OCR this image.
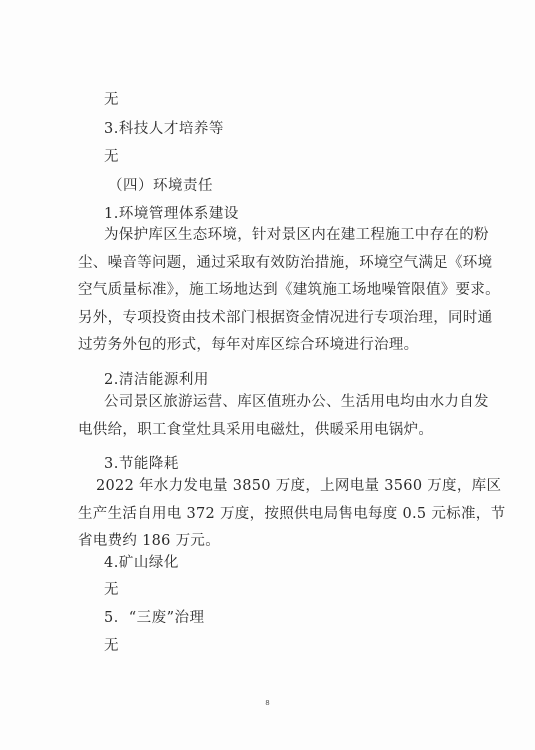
无
3.科技人才培养等
无
（四）环境责任
1.环境管理体系建设
为保护库区生态环境，针对景区内在建工程施工中存在的粉
尘、噪音等问题，通过采取有效防治措施，环境空气满足《环境
空气质量标准》，施工场地达到《建筑施工场地噪管限值》要求。
另外，专项投资由技术部门根据资金情况进行专项治理，同时通
过劳务外包的形式，每年对库区综合环境进行治理。
2.清洁能源利用
公司景区旅游运营、库区值班办公、生活用电均由水力自发
电供给，职工食堂灶具采用电磁灶，供暖采用电锅炉。
3.节能降耗
2022 年水力发电量 3850 万度，上网电量 3560 万度，库区
生产生活自用电 372 万度，按照供电局售电每度 0.5 元标准，节
省电费约 186 万元。
4.矿山绿化
无
5．“三废”治理
无
8
